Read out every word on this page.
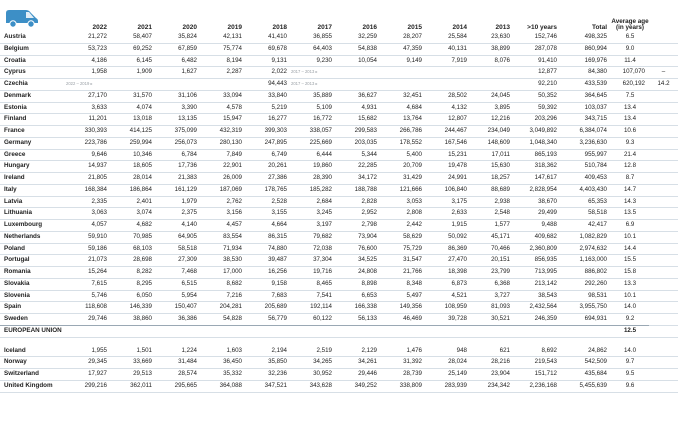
	2022	2021	2020	2019	2018	2017	2016	2015	2014	2013	>10 years	Total	Average age
(in years)	
Austria	21,272	58,407	35,824	42,131	41,410	36,855	32,259	28,207	25,584	23,630	152,746	498,325	6.5	
Belgium	53,723	69,252	67,859	75,774	69,678	64,403	54,838	47,359	40,131	38,899	287,078	860,994	9.0	
Croatia	4,186	6,145	6,482	8,194	9,131	9,230	10,054	9,149	7,919	8,076	91,410	169,976	11.4	
Cyprus	1,958	1,909	1,627	2,287	2,022	2017 – 2013 ▸					12,877	84,380	107,070	–
Czechia	2022 – 2019 ▸				94,443	2017 – 2013 ▸					92,210	433,539	620,192	14.2
Denmark	27,170	31,570	31,106	33,094	33,840	35,889	36,627	32,451	28,502	24,045	50,352	364,645	7.5	
Estonia	3,633	4,074	3,390	4,578	5,219	5,109	4,931	4,684	4,132	3,895	59,392	103,037	13.4	
Finland	11,201	13,018	13,135	15,947	16,277	16,772	15,682	13,764	12,807	12,216	203,296	343,715	13.4	
France	330,393	414,125	375,099	432,319	399,303	338,057	299,583	266,786	244,467	234,049	3,049,892	6,384,074	10.6	
Germany	223,786	259,994	256,073	280,130	247,895	225,669	203,035	178,552	167,546	148,609	1,048,340	3,236,630	9.3	
Greece	9,646	10,346	6,784	7,849	6,749	6,444	5,344	5,400	15,231	17,011	865,193	955,997	21.4	
Hungary	14,937	18,605	17,736	22,901	20,261	19,860	22,285	20,709	19,478	15,630	318,362	510,784	12.8	
Ireland	21,805	28,014	21,383	26,009	27,386	28,390	34,172	31,429	24,991	18,257	147,617	409,453	8.7	
Italy	168,384	186,864	161,129	187,069	178,765	185,282	188,788	121,666	106,840	88,689	2,828,954	4,403,430	14.7	
Latvia	2,335	2,401	1,979	2,762	2,528	2,684	2,828	3,053	3,175	2,938	38,670	65,353	14.3	
Lithuania	3,063	3,074	2,375	3,156	3,155	3,245	2,952	2,808	2,633	2,548	29,499	58,518	13.5	
Luxembourg	4,057	4,682	4,140	4,457	4,664	3,197	2,798	2,442	1,915	1,577	9,488	42,417	6.9	
Netherlands	59,910	70,985	64,905	83,554	86,315	79,682	73,904	58,629	50,092	45,171	409,682	1,082,829	10.1	
Poland	59,186	68,103	58,518	71,934	74,880	72,038	76,600	75,729	86,369	70,466	2,360,809	2,974,632	14.4	
Portugal	21,073	28,698	27,309	38,530	39,487	37,304	34,525	31,547	27,470	20,151	856,935	1,163,000	15.5	
Romania	15,264	8,282	7,468	17,000	16,256	19,716	24,808	21,766	18,398	23,799	713,995	886,802	15.8	
Slovakia	7,615	8,295	6,515	8,682	9,158	8,465	8,898	8,348	6,873	6,368	213,142	292,260	13.3	
Slovenia	5,746	6,050	5,954	7,216	7,683	7,541	6,653	5,497	4,521	3,727	38,543	98,531	10.1	
Spain	118,608	146,339	150,407	204,281	205,689	192,114	166,338	149,356	108,959	81,093	2,432,564	3,955,750	14.0	
Sweden	29,746	38,860	36,386	54,828	56,779	60,122	56,133	46,469	39,728	30,521	246,359	694,931	9.2	
EUROPEAN UNION													12.5	

Iceland	1,955	1,501	1,224	1,603	2,194	2,519	2,129	1,476	948	621	8,692	24,862	14.0	
Norway	29,345	33,669	31,484	36,450	35,850	34,265	34,261	31,392	28,024	28,216	219,543	542,509	9.7	
Switzerland	17,927	29,513	28,574	35,332	32,236	30,952	29,446	28,739	25,149	23,904	151,712	435,684	9.5	
United Kingdom	299,216	362,011	295,665	364,088	347,521	343,628	349,252	338,809	283,939	234,342	2,236,168	5,455,639	9.6	
